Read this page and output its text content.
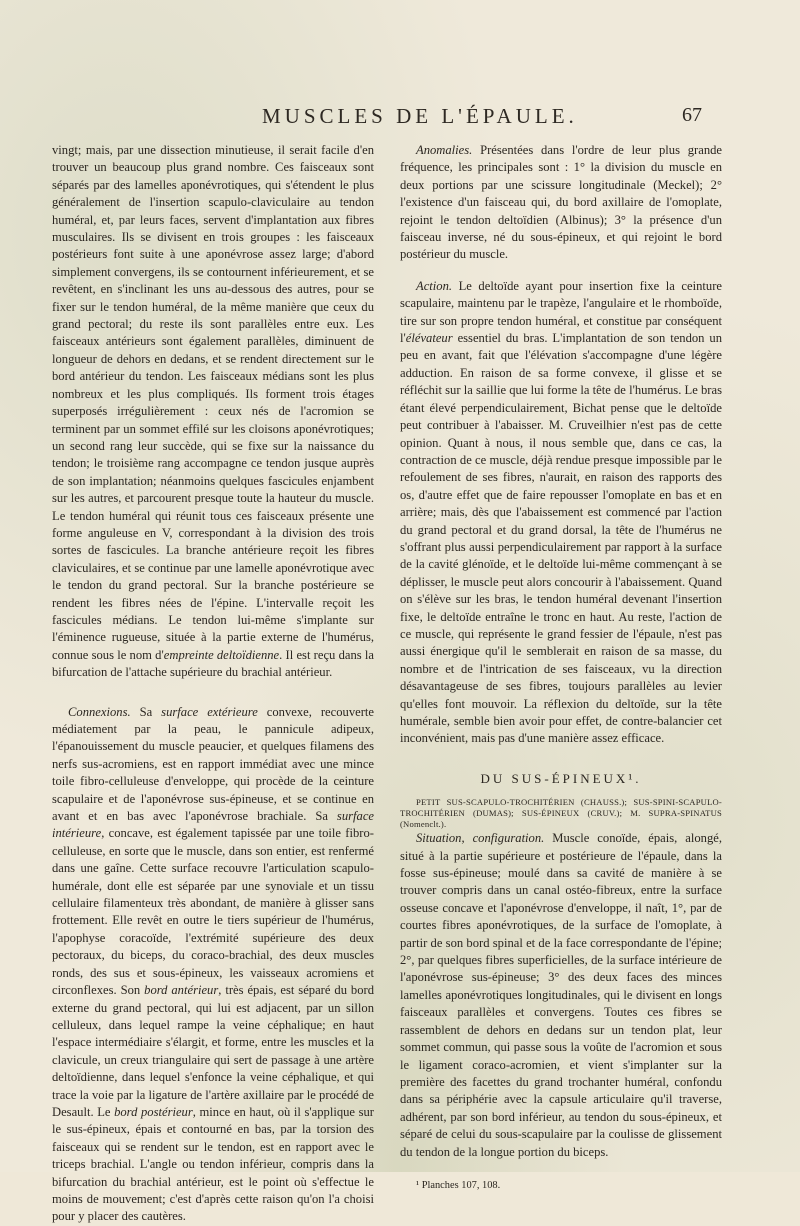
MUSCLES DE L'ÉPAULE.	67

vingt; mais, par une dissection minutieuse, il serait facile d'en trouver un beaucoup plus grand nombre. Ces faisceaux sont séparés par des lamelles aponévrotiques, qui s'étendent le plus généralement de l'insertion scapulo-claviculaire au tendon huméral, et, par leurs faces, servent d'implantation aux fibres musculaires. Ils se divisent en trois groupes : les faisceaux postérieurs font suite à une aponévrose assez large; d'abord simplement convergens, ils se contournent inférieurement, et se revêtent, en s'inclinant les uns au-dessous des autres, pour se fixer sur le tendon huméral, de la même manière que ceux du grand pectoral; du reste ils sont parallèles entre eux. Les faisceaux antérieurs sont également parallèles, diminuent de longueur de dehors en dedans, et se rendent directement sur le bord antérieur du tendon. Les faisceaux médians sont les plus nombreux et les plus compliqués. Ils forment trois étages superposés irrégulièrement : ceux nés de l'acromion se terminent par un sommet effilé sur les cloisons aponévrotiques; un second rang leur succède, qui se fixe sur la naissance du tendon; le troisième rang accompagne ce tendon jusque auprès de son implantation; néanmoins quelques fascicules enjambent sur les autres, et parcourent presque toute la hauteur du muscle. Le tendon huméral qui réunit tous ces faisceaux présente une forme anguleuse en V, correspondant à la division des trois sortes de fascicules. La branche antérieure reçoit les fibres claviculaires, et se continue par une lamelle aponévrotique avec le tendon du grand pectoral. Sur la branche postérieure se rendent les fibres nées de l'épine. L'intervalle reçoit les fascicules médians. Le tendon lui-même s'implante sur l'éminence rugueuse, située à la partie externe de l'humérus, connue sous le nom d'empreinte deltoïdienne. Il est reçu dans la bifurcation de l'attache supérieure du brachial antérieur.

Connexions. Sa surface extérieure convexe, recouverte médiatement par la peau, le pannicule adipeux, l'épanouissement du muscle peaucier, et quelques filamens des nerfs sus-acromiens, est en rapport immédiat avec une mince toile fibro-celluleuse d'enveloppe, qui procède de la ceinture scapulaire et de l'aponévrose sus-épineuse, et se continue en avant et en bas avec l'aponévrose brachiale. Sa surface intérieure, concave, est également tapissée par une toile fibro-celluleuse, en sorte que le muscle, dans son entier, est renfermé dans une gaîne. Cette surface recouvre l'articulation scapulo-humérale, dont elle est séparée par une synoviale et un tissu cellulaire filamenteux très abondant, de manière à glisser sans frottement. Elle revêt en outre le tiers supérieur de l'humérus, l'apophyse coracoïde, l'extrémité supérieure des deux pectoraux, du biceps, du coraco-brachial, des deux muscles ronds, des sus et sous-épineux, les vaisseaux acromiens et circonflexes. Son bord antérieur, très épais, est séparé du bord externe du grand pectoral, qui lui est adjacent, par un sillon celluleux, dans lequel rampe la veine céphalique; en haut l'espace intermédiaire s'élargit, et forme, entre les muscles et la clavicule, un creux triangulaire qui sert de passage à une artère deltoïdienne, dans lequel s'enfonce la veine céphalique, et qui trace la voie par la ligature de l'artère axillaire par le procédé de Desault. Le bord postérieur, mince en haut, où il s'applique sur le sus-épineux, épais et contourné en bas, par la torsion des faisceaux qui se rendent sur le tendon, est en rapport avec le triceps brachial. L'angle ou tendon inférieur, compris dans la bifurcation du brachial antérieur, est le point où s'effectue le moins de mouvement; c'est d'après cette raison qu'on l'a choisi pour y placer des cautères.

Anomalies. Présentées dans l'ordre de leur plus grande fréquence, les principales sont : 1° la division du muscle en deux portions par une scissure longitudinale (Meckel); 2° l'existence d'un faisceau qui, du bord axillaire de l'omoplate, rejoint le tendon deltoïdien (Albinus); 3° la présence d'un faisceau inverse, né du sous-épineux, et qui rejoint le bord postérieur du muscle.

Action. Le deltoïde ayant pour insertion fixe la ceinture scapulaire, maintenu par le trapèze, l'angulaire et le rhomboïde, tire sur son propre tendon huméral, et constitue par conséquent l'élévateur essentiel du bras. L'implantation de son tendon un peu en avant, fait que l'élévation s'accompagne d'une légère adduction. En raison de sa forme convexe, il glisse et se réfléchit sur la saillie que lui forme la tête de l'humérus. Le bras étant élevé perpendiculairement, Bichat pense que le deltoïde peut contribuer à l'abaisser. M. Cruveilhier n'est pas de cette opinion. Quant à nous, il nous semble que, dans ce cas, la contraction de ce muscle, déjà rendue presque impossible par le refoulement de ses fibres, n'aurait, en raison des rapports des os, d'autre effet que de faire repousser l'omoplate en bas et en arrière; mais, dès que l'abaissement est commencé par l'action du grand pectoral et du grand dorsal, la tête de l'humérus ne s'offrant plus aussi perpendiculairement par rapport à la surface de la cavité glénoïde, et le deltoïde lui-même commençant à se déplisser, le muscle peut alors concourir à l'abaissement. Quand on s'élève sur les bras, le tendon huméral devenant l'insertion fixe, le deltoïde entraîne le tronc en haut. Au reste, l'action de ce muscle, qui représente le grand fessier de l'épaule, n'est pas aussi énergique qu'il le semblerait en raison de sa masse, du nombre et de l'intrication de ses faisceaux, vu la direction désavantageuse de ses fibres, toujours parallèles au levier qu'elles font mouvoir. La réflexion du deltoïde, sur la tête humérale, semble bien avoir pour effet, de contre-balancier cet inconvénient, mais pas d'une manière assez efficace.

DU SUS-ÉPINEUX¹.

PETIT SUS-SCAPULO-TROCHITÉRIEN (CHAUSS.); SUS-SPINI-SCAPULO-TROCHITÉRIEN (DUMAS); SUS-ÉPINEUX (CRUV.); M. SUPRA-SPINATUS (Nomenclt.).

Situation, configuration. Muscle conoïde, épais, alongé, situé à la partie supérieure et postérieure de l'épaule, dans la fosse sus-épineuse; moulé dans sa cavité de manière à se trouver compris dans un canal ostéo-fibreux, entre la surface osseuse concave et l'aponévrose d'enveloppe, il naît, 1°, par de courtes fibres aponévrotiques, de la surface de l'omoplate, à partir de son bord spinal et de la face correspondante de l'épine; 2°, par quelques fibres superficielles, de la surface intérieure de l'aponévrose sus-épineuse; 3° des deux faces des minces lamelles aponévrotiques longitudinales, qui le divisent en longs faisceaux parallèles et convergens. Toutes ces fibres se rassemblent de dehors en dedans sur un tendon plat, leur sommet commun, qui passe sous la voûte de l'acromion et sous le ligament coraco-acromien, et vient s'implanter sur la première des facettes du grand trochanter huméral, confondu dans sa périphérie avec la capsule articulaire qu'il traverse, adhérent, par son bord inférieur, au tendon du sous-épineux, et séparé de celui du sous-scapulaire par la coulisse de glissement du tendon de la longue portion du biceps.

¹ Planches 107, 108.
